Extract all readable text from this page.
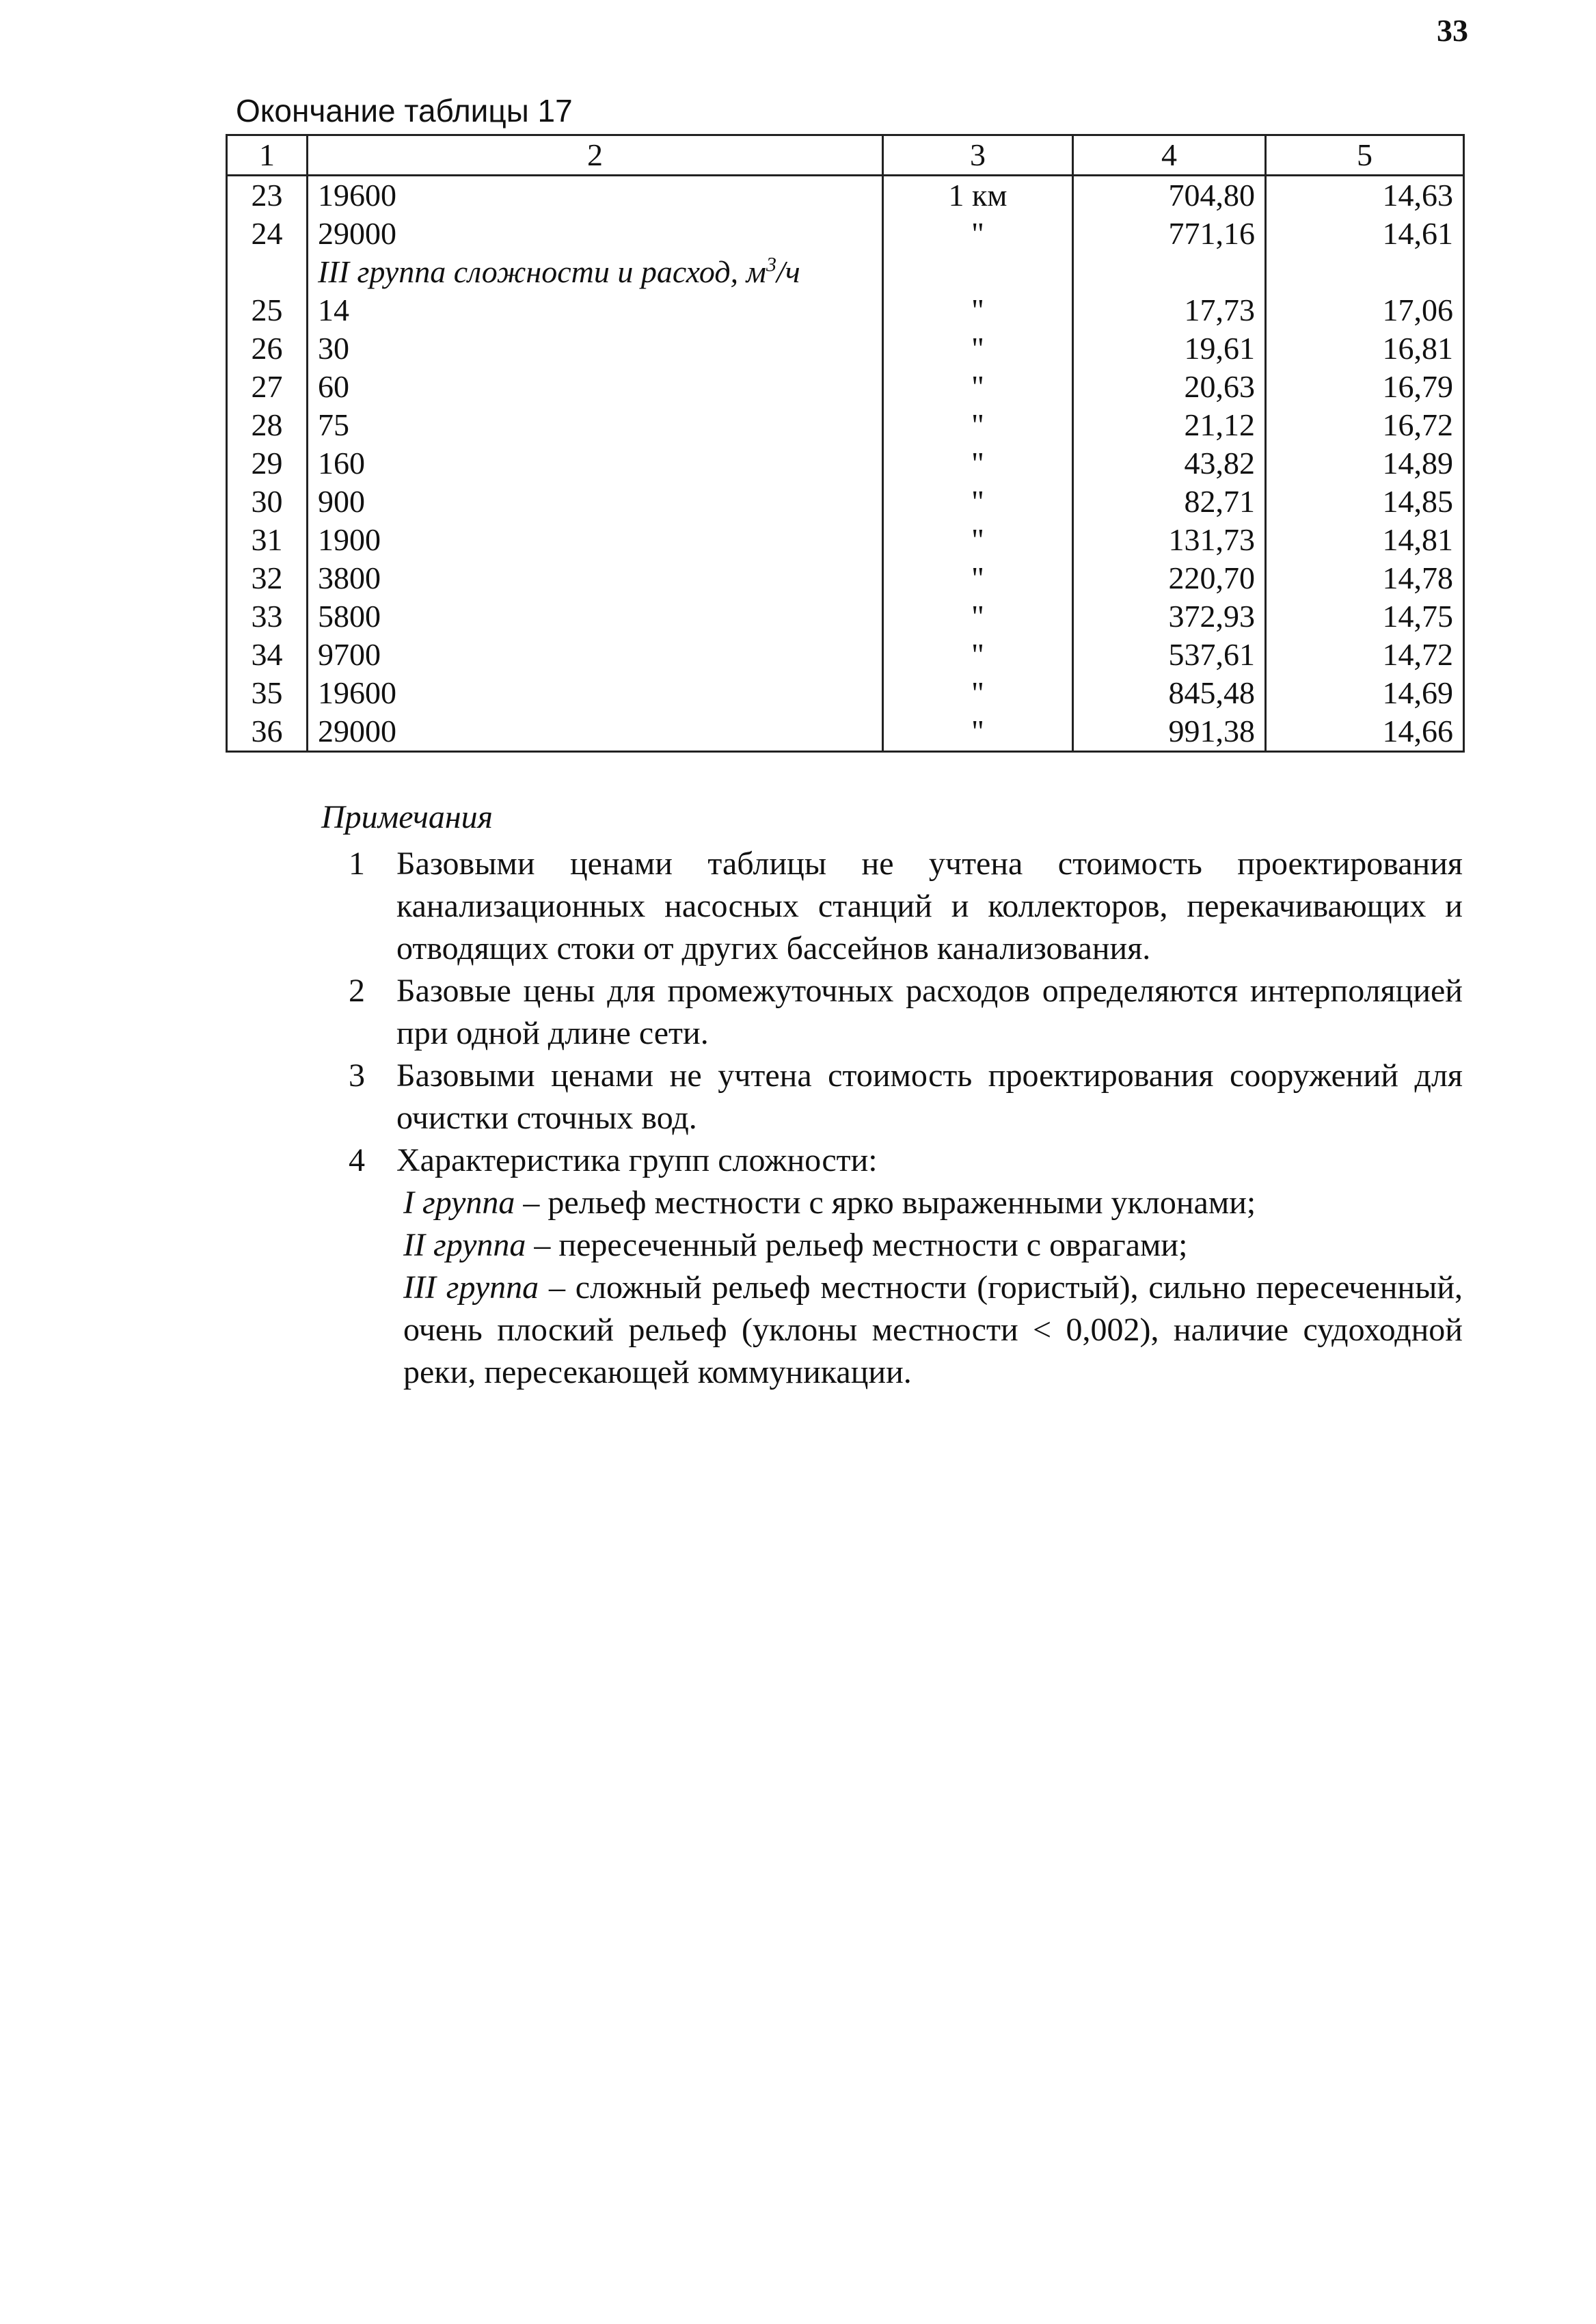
33
Окончание таблицы 17
1	2	3	4	5
23	19600	1 км	704,80	14,63
24	29000	"	771,16	14,61
	III группа сложности и расход, $м^3/ч$			
25	14	"	17,73	17,06
26	30	"	19,61	16,81
27	60	"	20,63	16,79
28	75	"	21,12	16,72
29	160	"	43,82	14,89
30	900	"	82,71	14,85
31	1900	"	131,73	14,81
32	3800	"	220,70	14,78
33	5800	"	372,93	14,75
34	9700	"	537,61	14,72
35	19600	"	845,48	14,69
36	29000	"	991,38	14,66
Примечания
1 Базовыми ценами таблицы не учтена стоимость проектирования канализационных насосных станций и коллекторов, перекачивающих и отводящих стоки от других бассейнов канализования.
2 Базовые цены для промежуточных расходов определяются интерполяцией при одной длине сети.
3 Базовыми ценами не учтена стоимость проектирования сооружений для очистки сточных вод.
4 Характеристика групп сложности:
I группа – рельеф местности с ярко выраженными уклонами;
II группа – пересеченный рельеф местности с оврагами;
III группа – сложный рельеф местности (гористый), сильно пересеченный, очень плоский рельеф (уклоны местности < 0,002), наличие судоходной реки, пересекающей коммуникации.
